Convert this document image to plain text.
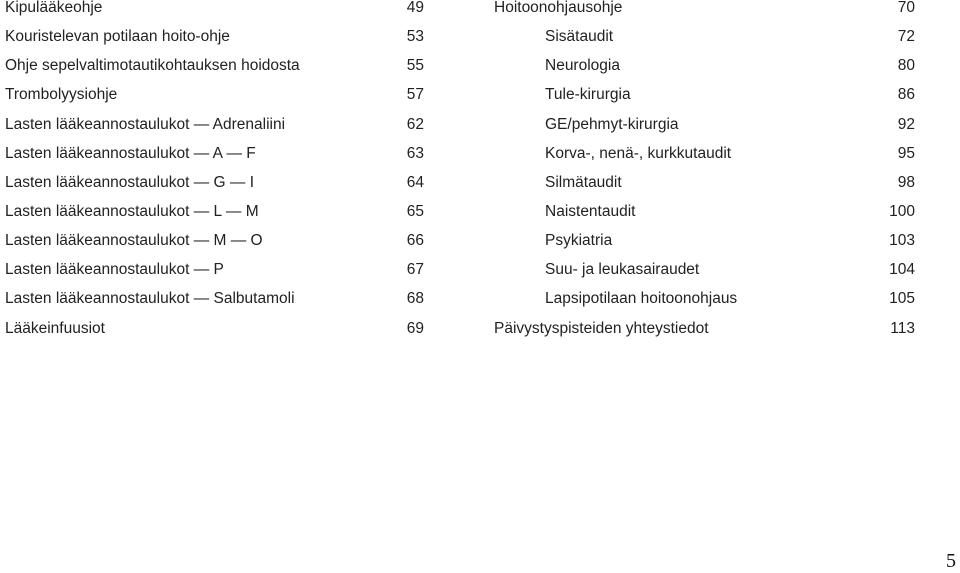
Kipulääkeohje	49
Kouristelevan potilaan hoito-ohje	53
Ohje sepelvaltimotautikohtauksen hoidosta	55
Trombolyysiohje	57
Lasten lääkeannostaulukot — Adrenaliini	62
Lasten lääkeannostaulukot — A — F	63
Lasten lääkeannostaulukot — G — I	64
Lasten lääkeannostaulukot — L — M	65
Lasten lääkeannostaulukot — M — O	66
Lasten lääkeannostaulukot — P	67
Lasten lääkeannostaulukot — Salbutamoli	68
Lääkeinfuusiot	69
Hoitoonohjausohje	70
Sisätaudit	72
Neurologia	80
Tule-kirurgia	86
GE/pehmyt-kirurgia	92
Korva-, nenä-, kurkkutaudit	95
Silmätaudit	98
Naistentaudit	100
Psykiatria	103
Suu- ja leukasairaudet	104
Lapsipotilaan hoitoonohjaus	105
Päivystyspisteiden yhteystiedot	113
5
